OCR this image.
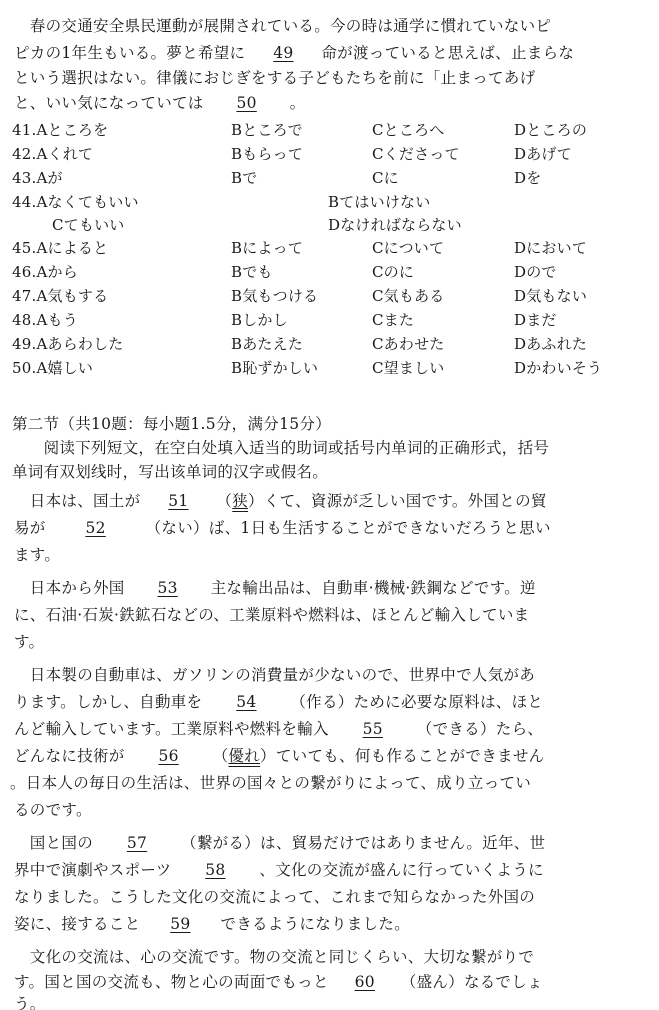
　春の交通安全県民運動が展開されている。今の時は通学に慣れていないピ
ピカの1年生もいる。夢と希望に 49 命が渡っていると思えば、止まらな
という選択はない。律儀におじぎをする子どもたちを前に「止まってあげ
と、いい気になっていては 50 。
41.Aところを	Bところで	Cところへ	Dところの
42.Aくれて	Bもらって	Cくださって	Dあげて
43.Aが	Bで	Cに	Dを
44.Aなくてもいい	Bてはいけない
Cてもいい	Dなければならない
45.Aによると	Bによって	Cについて	Dにおいて
46.Aから	Bでも	Cのに	Dので
47.A気もする	B気もつける	C気もある	D気もない
48.Aもう	Bしかし	Cまた	Dまだ
49.Aあらわした	Bあたえた	Cあわせた	Dあふれた
50.A嬉しい	B恥ずかしい	C望ましい	Dかわいそう
第二节（共10题：每小题1.5分，满分15分）
　　阅读下列短文，在空白处填入适当的助词或括号内单词的正确形式，括号
单词有双划线时，写出该单词的汉字或假名。
　日本は、国土が 51 （狭）くて、資源が乏しい国です。外国との貿
易が	52	（ない）ば、1日も生活することができないだろうと思い
ます。
　日本から外国 53 主な輸出品は、自動車·機械·鉄鋼などです。逆
に、石油·石炭·鉄鉱石などの、工業原料や燃料は、ほとんど輸入していま
す。
　日本製の自動車は、ガソリンの消費量が少ないので、世界中で人気があ
ります。しかし、自動車を 54 （作る）ために必要な原料は、ほと
んど輸入しています。工業原料や燃料を輸入 55 （できる）たら、
どんなに技術が 56 （優れ）ていても、何も作ることができません
。日本人の毎日の生活は、世界の国々との繋がりによって、成り立ってい
るのです。
　国と国の 57 （繋がる）は、貿易だけではありません。近年、世
界中で演劇やスポーツ 58 、文化の交流が盛んに行っていくように
なりました。こうした文化の交流によって、これまで知らなかった外国の
姿に、接すること 59 できるようになりました。
　文化の交流は、心の交流です。物の交流と同じくらい、大切な繋がりで
す。国と国の交流も、物と心の両面でもっと 60 （盛ん）なるでしょ
う。
